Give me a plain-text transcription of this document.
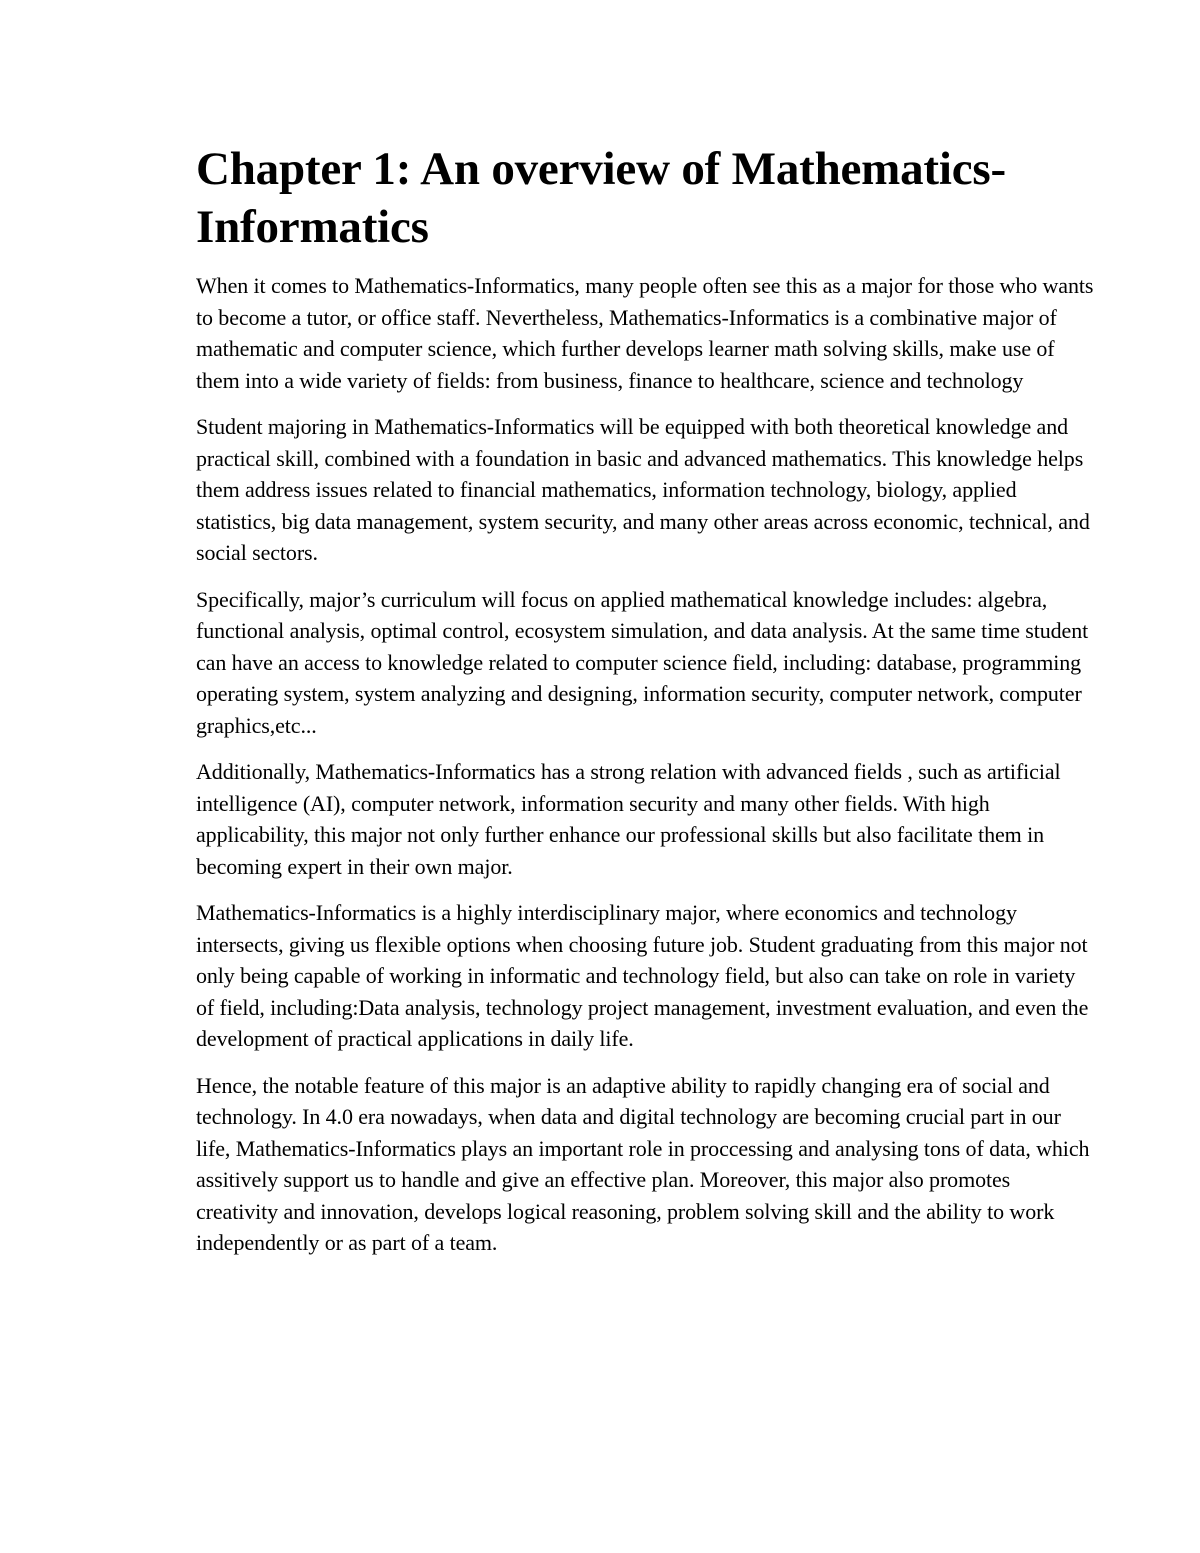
Chapter 1: An overview of Mathematics-Informatics

When it comes to Mathematics-Informatics, many people often see this as a major for those who wants to become a tutor, or office staff. Nevertheless, Mathematics-Informatics is a combinative major of mathematic and computer science, which further develops learner math solving skills, make use of them into a wide variety of fields: from business, finance to healthcare, science and technology

Student majoring in Mathematics-Informatics will be equipped with both theoretical knowledge and practical skill, combined with a foundation in basic and advanced mathematics. This knowledge helps them address issues related to financial mathematics, information technology, biology, applied statistics, big data management, system security, and many other areas across economic, technical, and social sectors.

Specifically, major’s curriculum will focus on applied mathematical knowledge includes: algebra, functional analysis, optimal control, ecosystem simulation, and data analysis. At the same time student can have an access to knowledge related to computer science field, including: database, programming operating system, system analyzing and designing, information security, computer network, computer graphics,etc...

Additionally, Mathematics-Informatics has a strong relation with advanced fields , such as artificial intelligence (AI), computer network, information security and many other fields. With high applicability, this major not only further enhance our professional skills but also facilitate them in becoming expert in their own major.

Mathematics-Informatics is a highly interdisciplinary major, where economics and technology intersects, giving us flexible options when choosing future job. Student graduating from this major not only being capable of working in informatic and technology field, but also can take on role in variety of field, including:Data analysis, technology project management, investment evaluation, and even the development of practical applications in daily life.

Hence, the notable feature of this major is an adaptive ability to rapidly changing era of social and technology. In 4.0 era nowadays, when data and digital technology are becoming crucial part in our life, Mathematics-Informatics plays an important role in proccessing and analysing tons of data, which assitively support us to handle and give an effective plan. Moreover, this major also promotes creativity and innovation, develops logical reasoning, problem solving skill and the ability to work independently or as part of a team.
